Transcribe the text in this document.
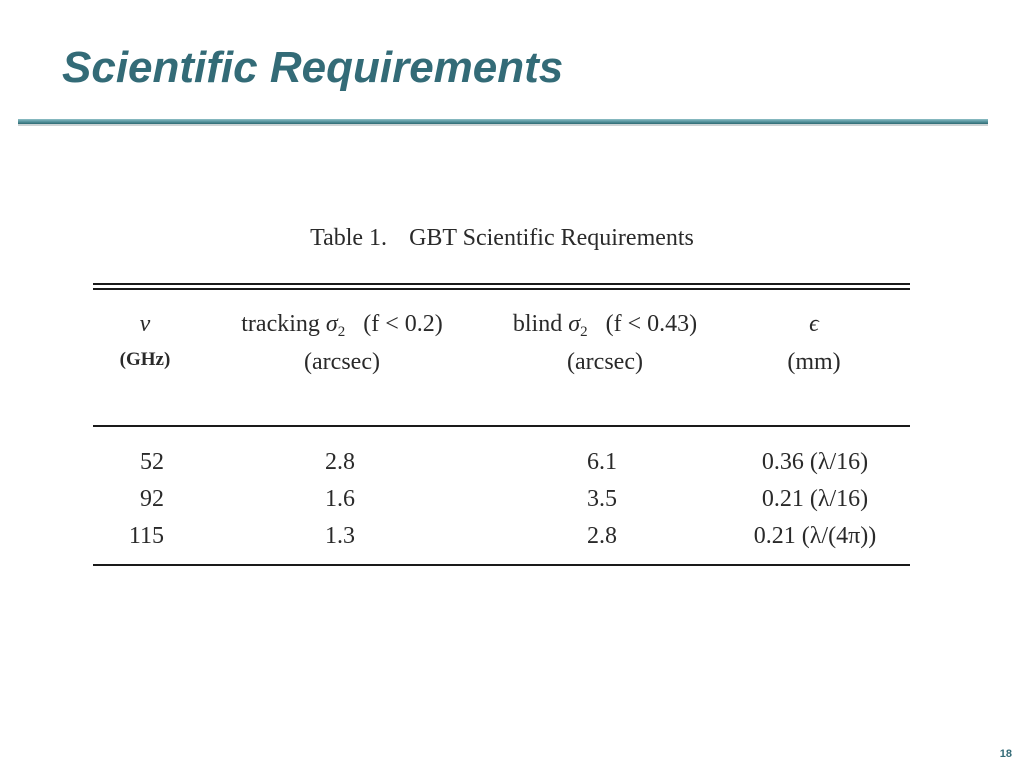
Scientific Requirements
Table 1. GBT Scientific Requirements
ν	tracking $\sigma_2$ (f < 0.2)	blind $\sigma_2$ (f < 0.43)	ϵ
(GHz)	(arcsec)	(arcsec)	(mm)
52	2.8	6.1	0.36 (λ/16)
92	1.6	3.5	0.21 (λ/16)
115	1.3	2.8	0.21 (λ/(4π))
18
